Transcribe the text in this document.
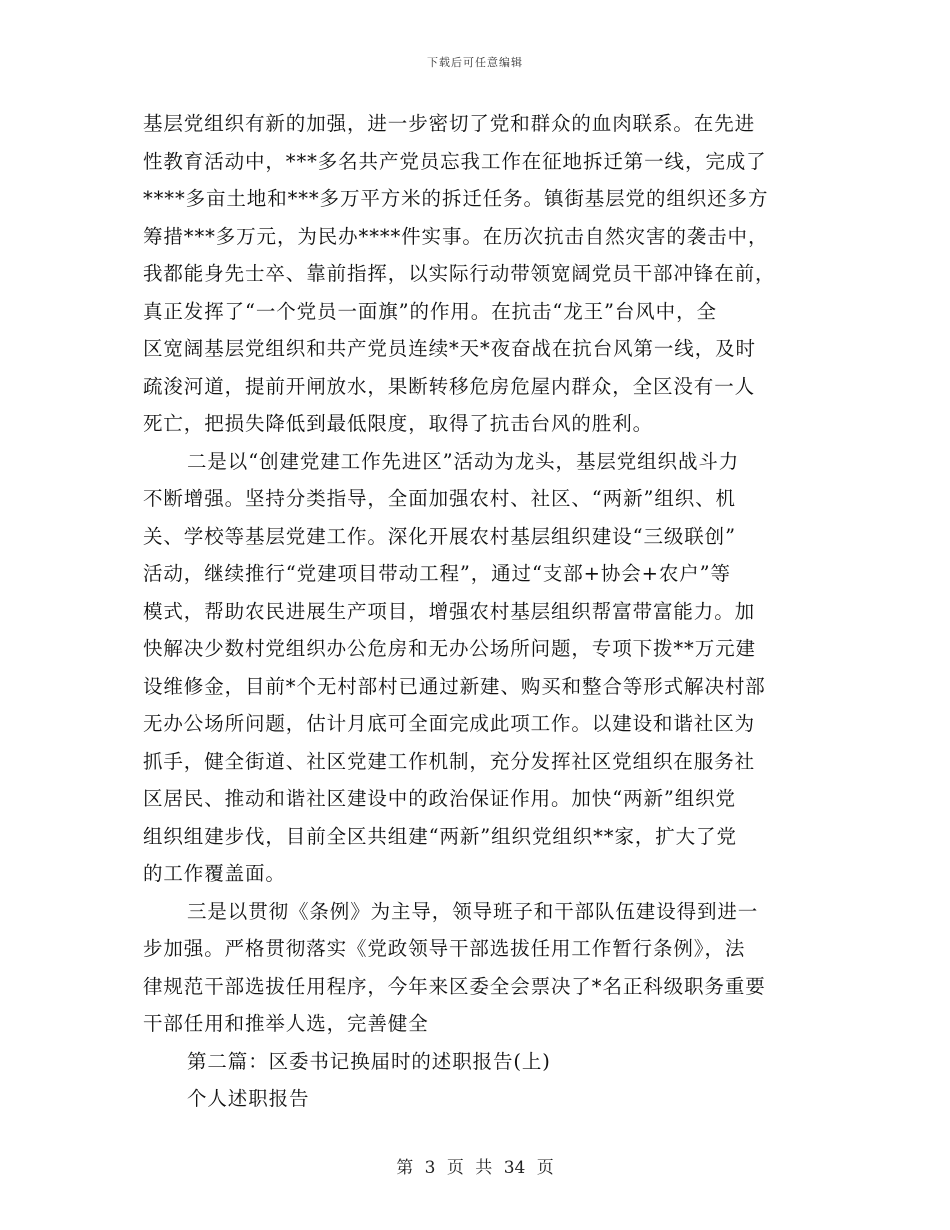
下载后可任意编辑
基层党组织有新的加强，进一步密切了党和群众的血肉联系。在先进
性教育活动中，***多名共产党员忘我工作在征地拆迁第一线，完成了
****多亩土地和***多万平方米的拆迁任务。镇街基层党的组织还多方
筹措***多万元，为民办****件实事。在历次抗击自然灾害的袭击中，
我都能身先士卒、靠前指挥，以实际行动带领宽阔党员干部冲锋在前，
真正发挥了“一个党员一面旗”的作用。在抗击“龙王”台风中，全
区宽阔基层党组织和共产党员连续*天*夜奋战在抗台风第一线，及时
疏浚河道，提前开闸放水，果断转移危房危屋内群众，全区没有一人
死亡，把损失降低到最低限度，取得了抗击台风的胜利。
二是以“创建党建工作先进区”活动为龙头，基层党组织战斗力
不断增强。坚持分类指导，全面加强农村、社区、“两新”组织、机
关、学校等基层党建工作。深化开展农村基层组织建设“三级联创”
活动，继续推行“党建项目带动工程”，通过“支部+协会+农户”等
模式，帮助农民进展生产项目，增强农村基层组织帮富带富能力。加
快解决少数村党组织办公危房和无办公场所问题，专项下拨**万元建
设维修金，目前*个无村部村已通过新建、购买和整合等形式解决村部
无办公场所问题，估计月底可全面完成此项工作。以建设和谐社区为
抓手，健全街道、社区党建工作机制，充分发挥社区党组织在服务社
区居民、推动和谐社区建设中的政治保证作用。加快“两新”组织党
组织组建步伐，目前全区共组建“两新”组织党组织**家，扩大了党
的工作覆盖面。
三是以贯彻《条例》为主导，领导班子和干部队伍建设得到进一
步加强。严格贯彻落实《党政领导干部选拔任用工作暂行条例》，法
律规范干部选拔任用程序，今年来区委全会票决了*名正科级职务重要
干部任用和推举人选，完善健全
第二篇：区委书记换届时的述职报告(上)
个人述职报告
第 3 页 共 34 页
